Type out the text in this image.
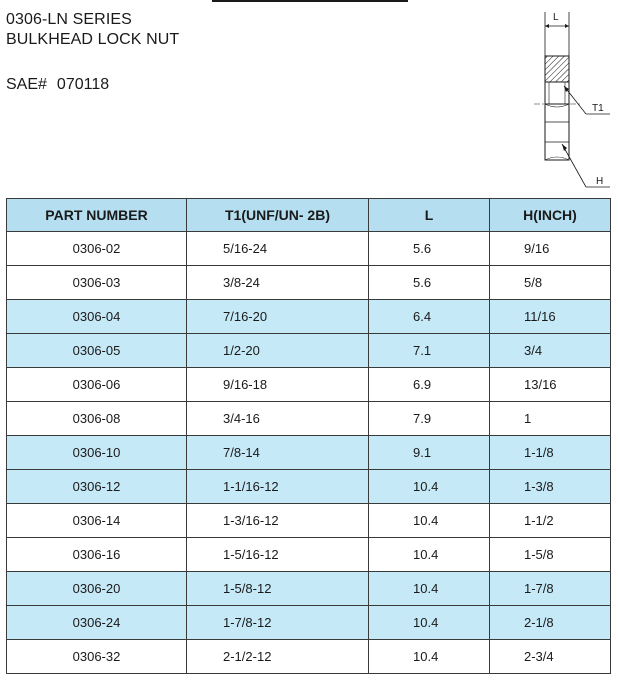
0306-LN SERIES
BULKHEAD LOCK NUT
SAE# 070118
L
T1
H
PART NUMBER	T1(UNF/UN- 2B)	L	H(INCH)
0306-02	5/16-24	5.6	9/16
0306-03	3/8-24	5.6	5/8
0306-04	7/16-20	6.4	11/16
0306-05	1/2-20	7.1	3/4
0306-06	9/16-18	6.9	13/16
0306-08	3/4-16	7.9	1
0306-10	7/8-14	9.1	1-1/8
0306-12	1-1/16-12	10.4	1-3/8
0306-14	1-3/16-12	10.4	1-1/2
0306-16	1-5/16-12	10.4	1-5/8
0306-20	1-5/8-12	10.4	1-7/8
0306-24	1-7/8-12	10.4	2-1/8
0306-32	2-1/2-12	10.4	2-3/4
